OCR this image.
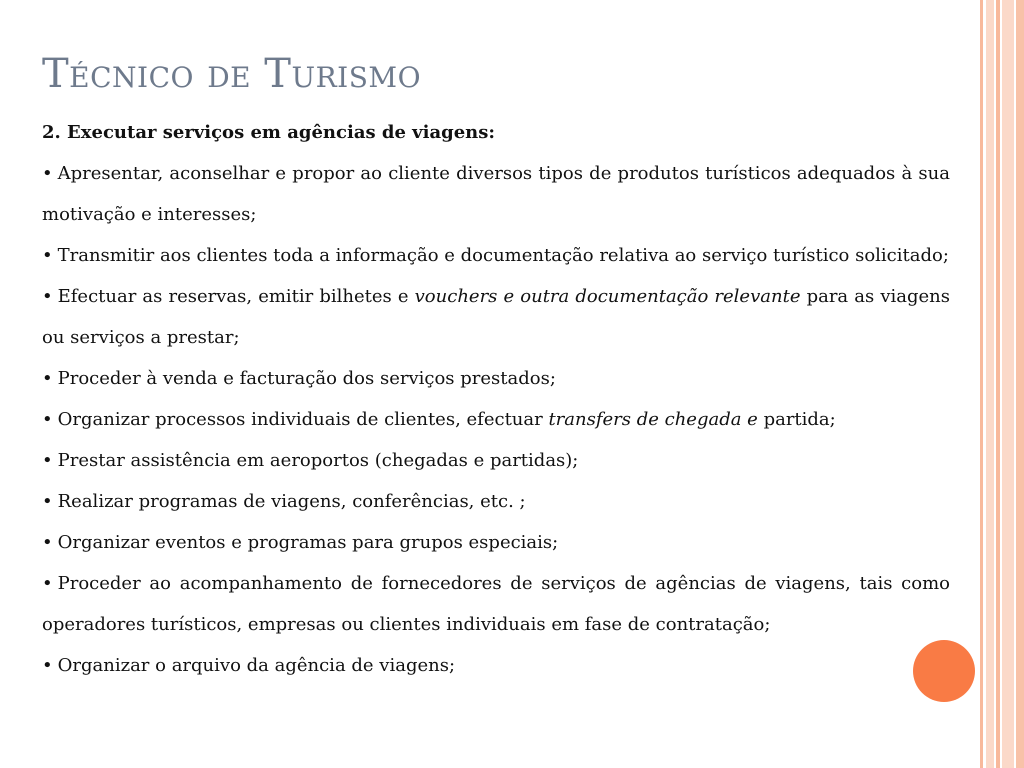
Técnico de Turismo

2. Executar serviços em agências de viagens:

• Apresentar, aconselhar e propor ao cliente diversos tipos de produtos turísticos adequados à sua motivação e interesses;

• Transmitir aos clientes toda a informação e documentação relativa ao serviço turístico solicitado;

• Efectuar as reservas, emitir bilhetes e vouchers e outra documentação relevante para as viagens ou serviços a prestar;

• Proceder à venda e facturação dos serviços prestados;

• Organizar processos individuais de clientes, efectuar transfers de chegada e partida;

• Prestar assistência em aeroportos (chegadas e partidas);

• Realizar programas de viagens, conferências, etc. ;

• Organizar eventos e programas para grupos especiais;

• Proceder ao acompanhamento de fornecedores de serviços de agências de viagens, tais como operadores turísticos, empresas ou clientes individuais em fase de contratação;

• Organizar o arquivo da agência de viagens;
